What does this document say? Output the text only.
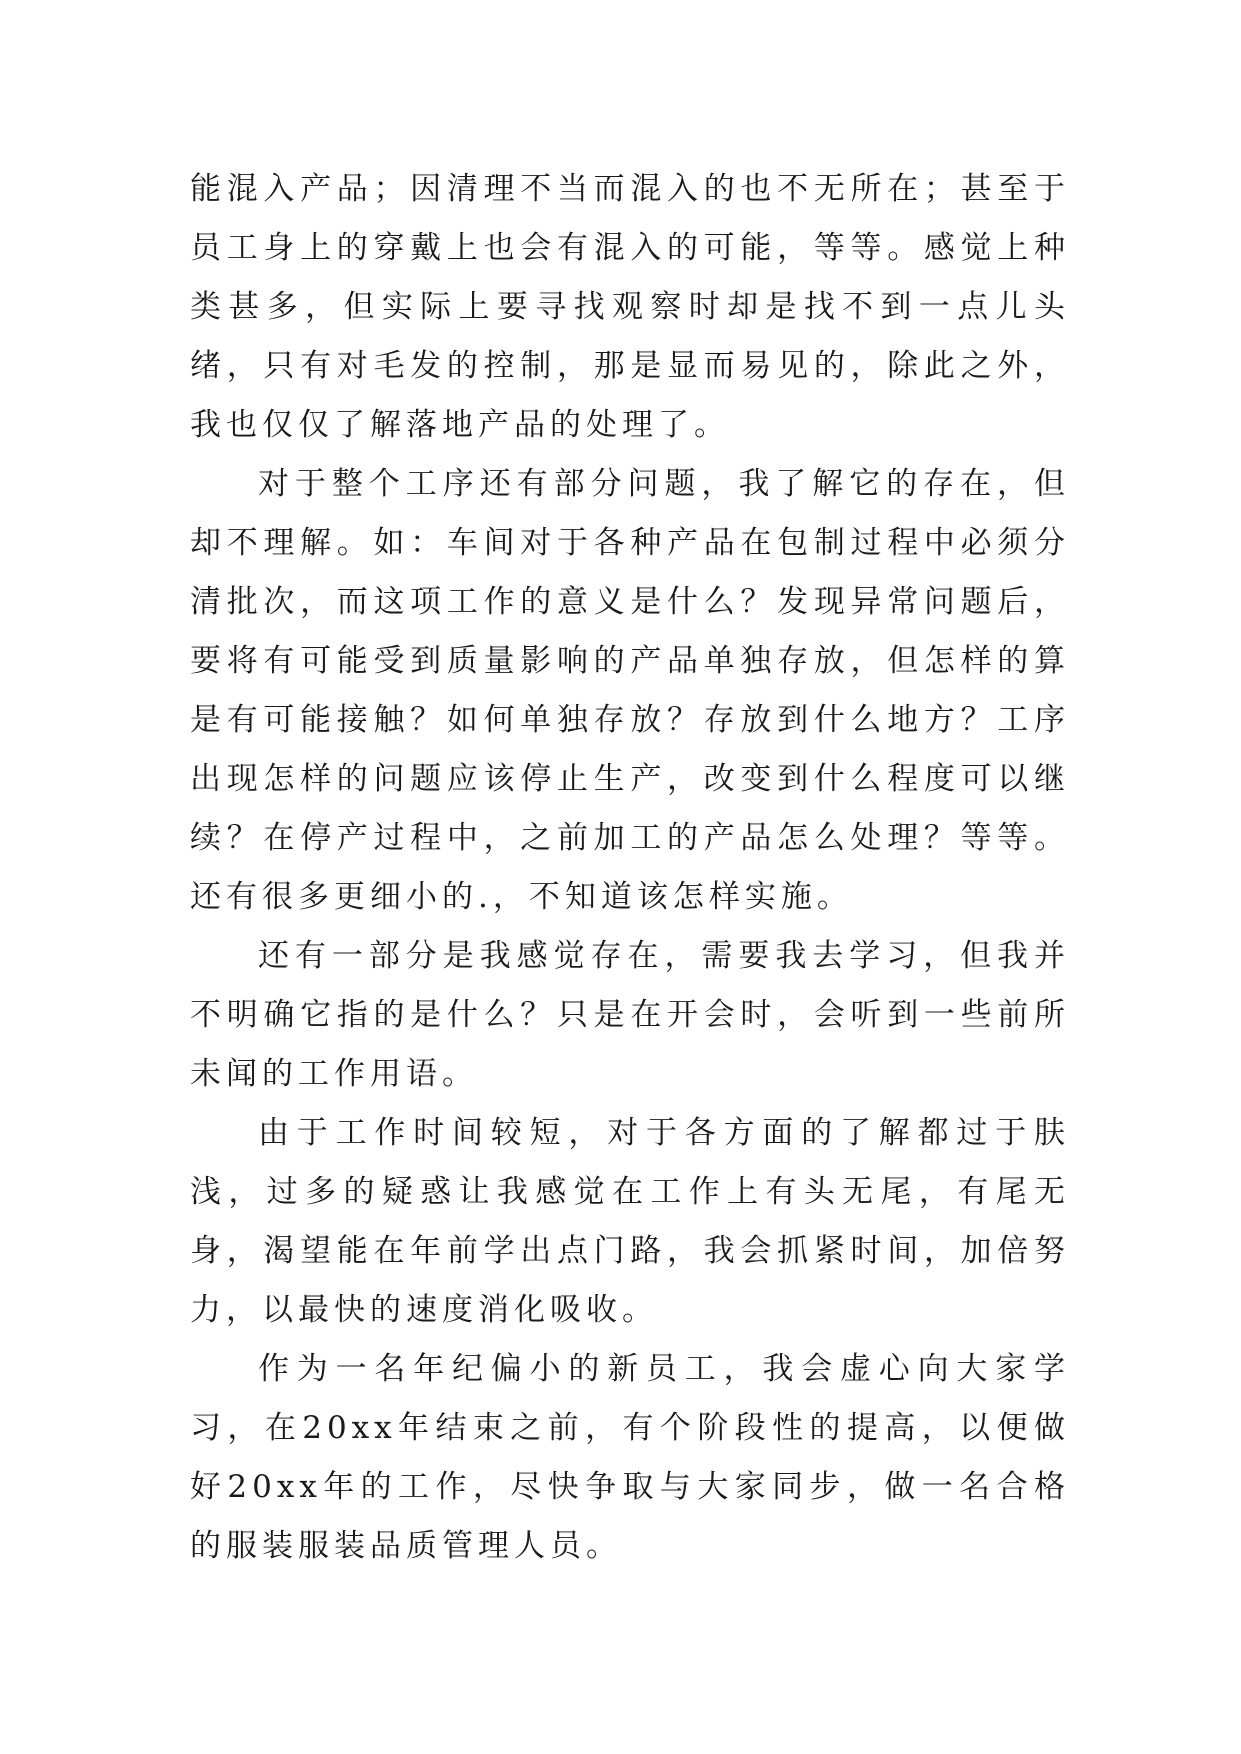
能混入产品；因清理不当而混入的也不无所在；甚至于员工身上的穿戴上也会有混入的可能，等等。感觉上种类甚多，但实际上要寻找观察时却是找不到一点儿头绪，只有对毛发的控制，那是显而易见的，除此之外，我也仅仅了解落地产品的处理了。

对于整个工序还有部分问题，我了解它的存在，但却不理解。如：车间对于各种产品在包制过程中必须分清批次，而这项工作的意义是什么？发现异常问题后，要将有可能受到质量影响的产品单独存放，但怎样的算是有可能接触？如何单独存放？存放到什么地方？工序出现怎样的问题应该停止生产，改变到什么程度可以继续？在停产过程中，之前加工的产品怎么处理？等等。还有很多更细小的.，不知道该怎样实施。

还有一部分是我感觉存在，需要我去学习，但我并不明确它指的是什么？只是在开会时，会听到一些前所未闻的工作用语。

由于工作时间较短，对于各方面的了解都过于肤浅，过多的疑惑让我感觉在工作上有头无尾，有尾无身，渴望能在年前学出点门路，我会抓紧时间，加倍努力，以最快的速度消化吸收。

作为一名年纪偏小的新员工，我会虚心向大家学习，在20xx年结束之前，有个阶段性的提高，以便做好20xx年的工作，尽快争取与大家同步，做一名合格的服装服装品质管理人员。
